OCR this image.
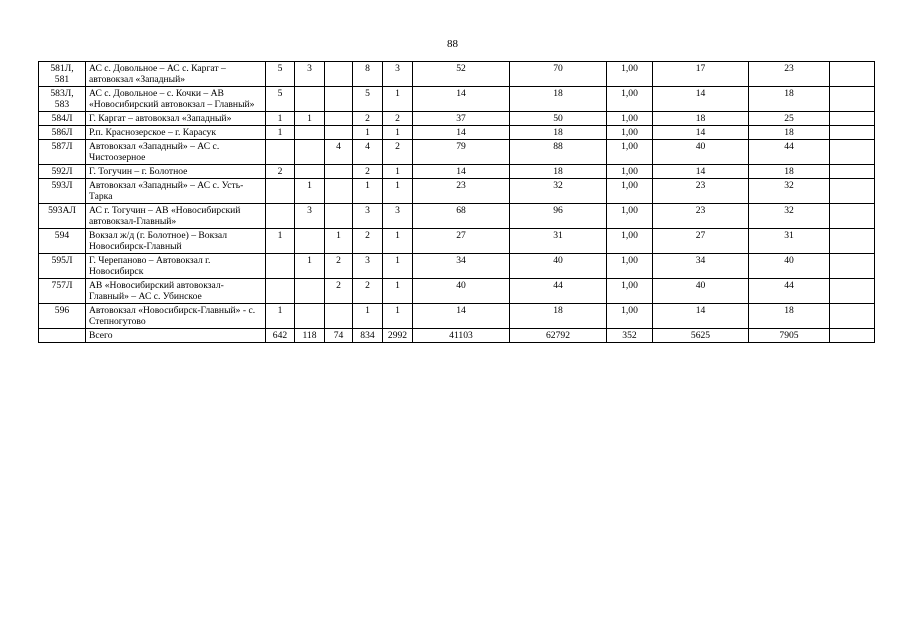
88
581Л, 581	АС с. Довольное – АС с. Каргат – автовокзал «Западный»	5	3		8	3	52	70	1,00	17	23	
583Л, 583	АС с. Довольное – с. Кочки – АВ «Новосибирский автовокзал – Главный»	5			5	1	14	18	1,00	14	18	
584Л	Г. Каргат – автовокзал «Западный»	1	1		2	2	37	50	1,00	18	25	
586Л	Р.п. Краснозерское – г. Карасук	1			1	1	14	18	1,00	14	18	
587Л	Автовокзал «Западный» – АС с. Чистоозерное			4	4	2	79	88	1,00	40	44	
592Л	Г. Тогучин – г. Болотное	2			2	1	14	18	1,00	14	18	
593Л	Автовокзал «Западный» – АС с. Усть-Тарка		1		1	1	23	32	1,00	23	32	
593АЛ	АС г. Тогучин – АВ «Новосибирский автовокзал-Главный»		3		3	3	68	96	1,00	23	32	
594	Вокзал ж/д (г. Болотное) – Вокзал Новосибирск-Главный	1		1	2	1	27	31	1,00	27	31	
595Л	Г. Черепаново – Автовокзал г. Новосибирск		1	2	3	1	34	40	1,00	34	40	
757Л	АВ «Новосибирский автовокзал-Главный» – АС с. Убинское			2	2	1	40	44	1,00	40	44	
596	Автовокзал «Новосибирск-Главный» - с. Степногутово	1			1	1	14	18	1,00	14	18	
	Всего	642	118	74	834	2992	41103	62792	352	5625	7905	
